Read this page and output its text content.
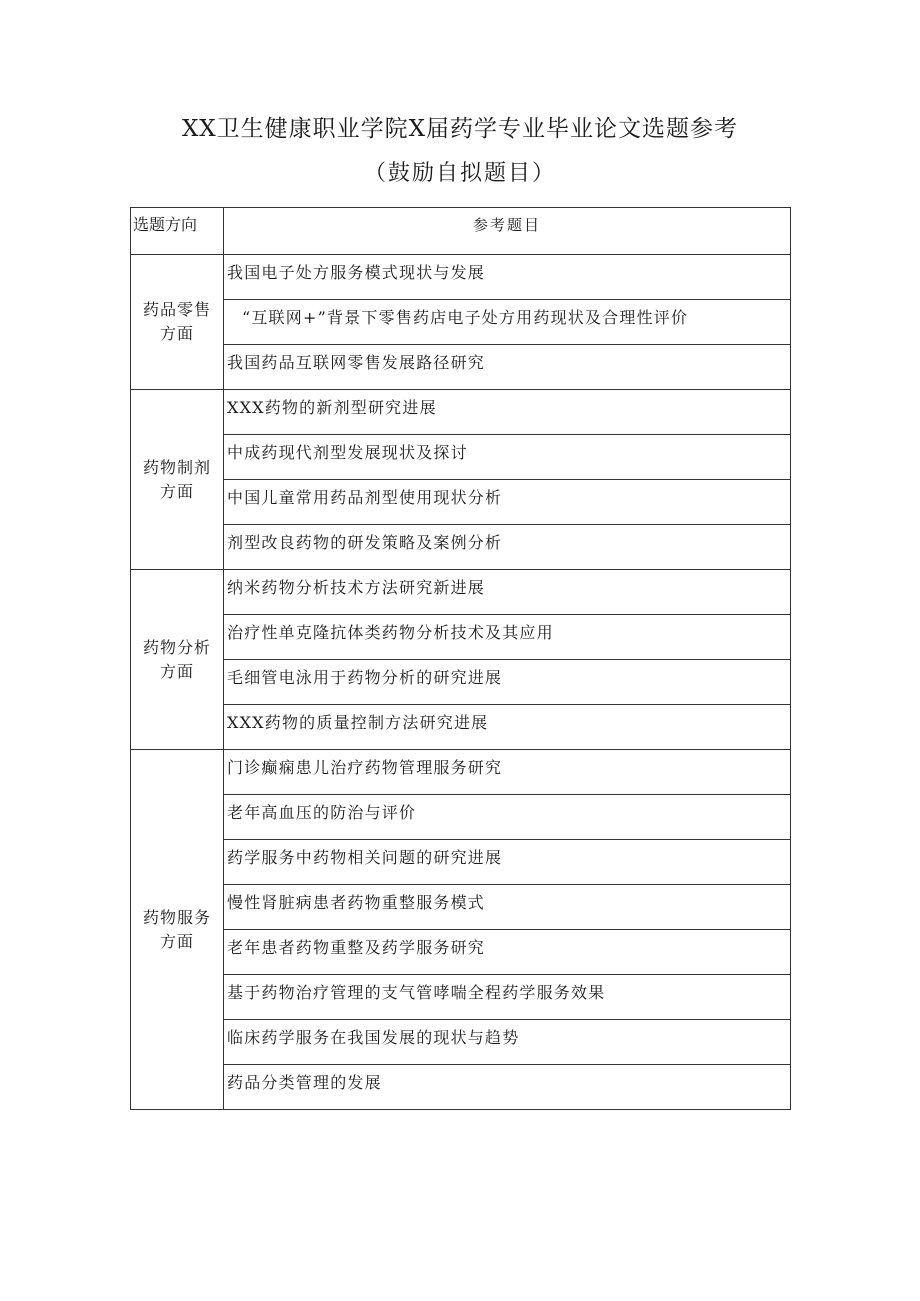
XX卫生健康职业学院X届药学专业毕业论文选题参考
（鼓励自拟题目）
选题方向	参考题目

药品零售
方面	我国电子处方服务模式现状与发展
	“互联网+”背景下零售药店电子处方用药现状及合理性评价
	我国药品互联网零售发展路径研究

药物制剂
方面	XXX药物的新剂型研究进展
	中成药现代剂型发展现状及探讨
	中国儿童常用药品剂型使用现状分析
	剂型改良药物的研发策略及案例分析

药物分析
方面	纳米药物分析技术方法研究新进展
	治疗性单克隆抗体类药物分析技术及其应用
	毛细管电泳用于药物分析的研究进展
	XXX药物的质量控制方法研究进展

药物服务
方面	门诊癫痫患儿治疗药物管理服务研究
	老年高血压的防治与评价
	药学服务中药物相关问题的研究进展
	慢性肾脏病患者药物重整服务模式
	老年患者药物重整及药学服务研究
	基于药物治疗管理的支气管哮喘全程药学服务效果
	临床药学服务在我国发展的现状与趋势
	药品分类管理的发展
